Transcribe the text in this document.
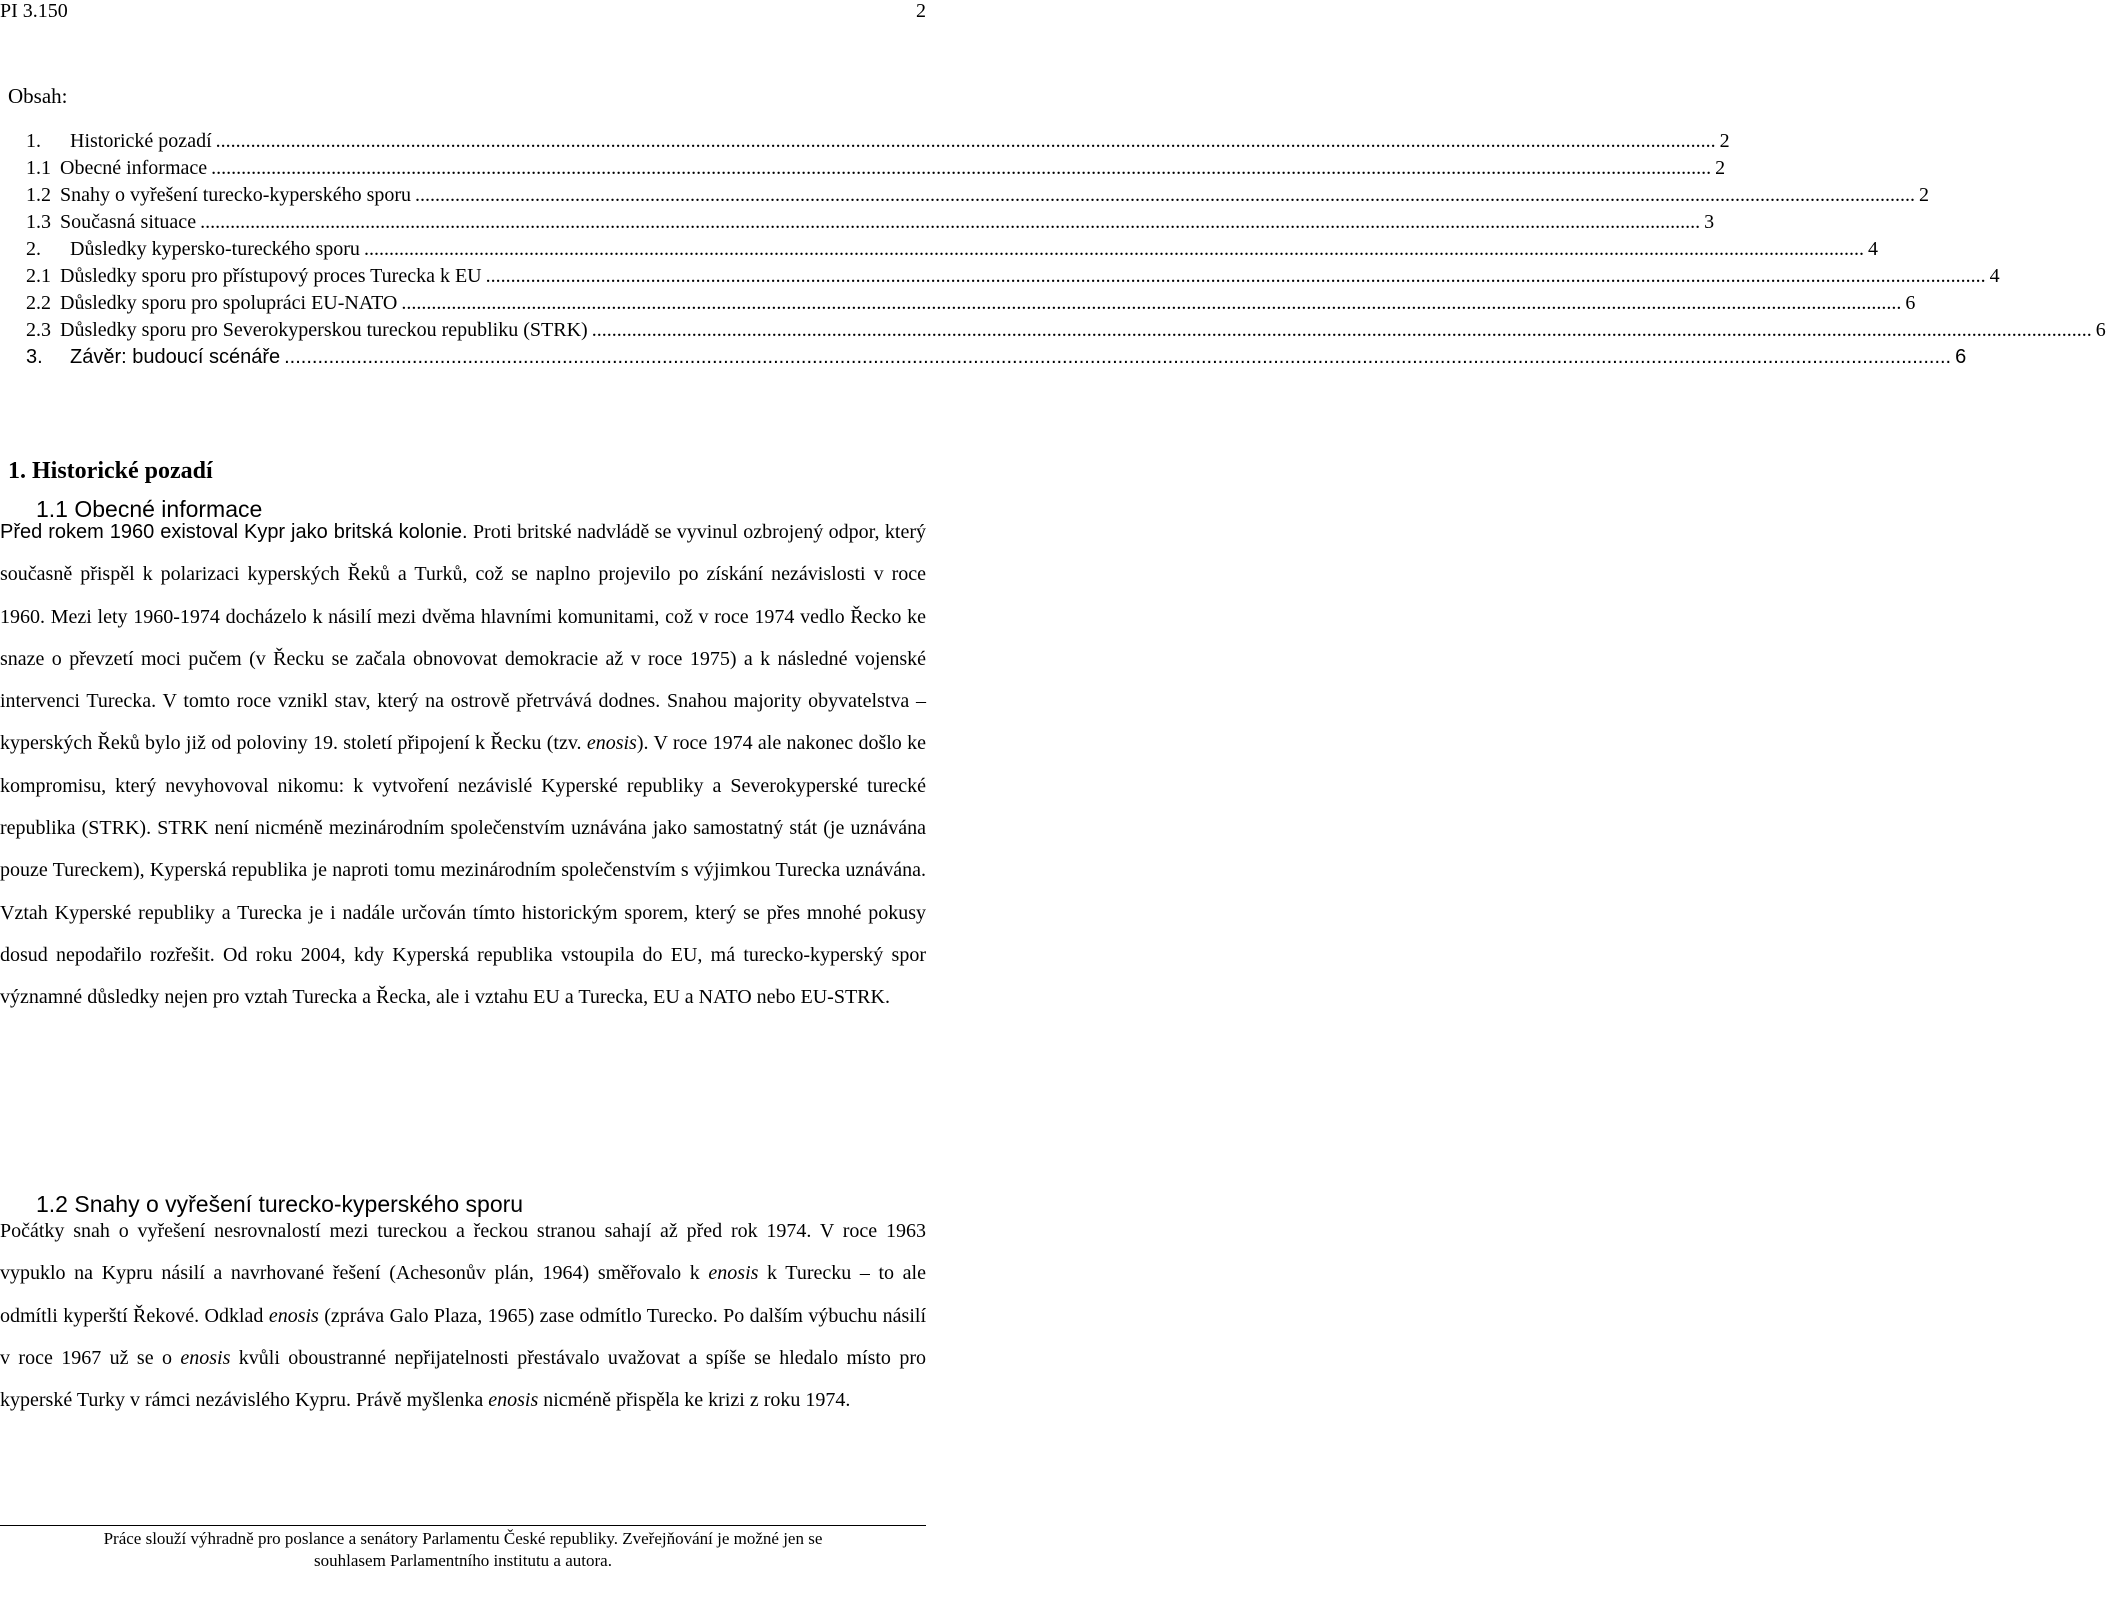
PI 3.150	2
Obsah:
1.	Historické pozadí ............................................................................................................................................................................................................................................................................................................ 2
1.1 Obecné informace ............................................................................................................................................................................................................................................................................................................ 2
1.2 Snahy o vyřešení turecko-kyperského sporu ............................................................................................................................................................................................................................................................................................................ 2
1.3 Současná situace ............................................................................................................................................................................................................................................................................................................ 3
2.	Důsledky kypersko-tureckého sporu ............................................................................................................................................................................................................................................................................................................ 4
2.1 Důsledky sporu pro přístupový proces Turecka k EU ............................................................................................................................................................................................................................................................................................................ 4
2.2 Důsledky sporu pro spolupráci EU-NATO ............................................................................................................................................................................................................................................................................................................ 6
2.3 Důsledky sporu pro Severokyperskou tureckou republiku (STRK) ............................................................................................................................................................................................................................................................................................................ 6
3.	Závěr: budoucí scénáře ............................................................................................................................................................................................................................................................................................................ 6
1. Historické pozadí
1.1 Obecné informace
Před rokem 1960 existoval Kypr jako britská kolonie. Proti britské nadvládě se vyvinul ozbrojený odpor, který současně přispěl k polarizaci kyperských Řeků a Turků, což se naplno projevilo po získání nezávislosti v roce 1960. Mezi lety 1960-1974 docházelo k násilí mezi dvěma hlavními komunitami, což v roce 1974 vedlo Řecko ke snaze o převzetí moci pučem (v Řecku se začala obnovovat demokracie až v roce 1975) a k následné vojenské intervenci Turecka. V tomto roce vznikl stav, který na ostrově přetrvává dodnes. Snahou majority obyvatelstva – kyperských Řeků bylo již od poloviny 19. století připojení k Řecku (tzv. enosis). V roce 1974 ale nakonec došlo ke kompromisu, který nevyhovoval nikomu: k vytvoření nezávislé Kyperské republiky a Severokyperské turecké republika (STRK). STRK není nicméně mezinárodním společenstvím uznávána jako samostatný stát (je uznávána pouze Tureckem), Kyperská republika je naproti tomu mezinárodním společenstvím s výjimkou Turecka uznávána. Vztah Kyperské republiky a Turecka je i nadále určován tímto historickým sporem, který se přes mnohé pokusy dosud nepodařilo rozřešit. Od roku 2004, kdy Kyperská republika vstoupila do EU, má turecko-kyperský spor významné důsledky nejen pro vztah Turecka a Řecka, ale i vztahu EU a Turecka, EU a NATO nebo EU-STRK.
1.2 Snahy o vyřešení turecko-kyperského sporu
Počátky snah o vyřešení nesrovnalostí mezi tureckou a řeckou stranou sahají až před rok 1974. V roce 1963 vypuklo na Kypru násilí a navrhované řešení (Achesonův plán, 1964) směřovalo k enosis k Turecku – to ale odmítli kyperští Řekové. Odklad enosis (zpráva Galo Plaza, 1965) zase odmítlo Turecko. Po dalším výbuchu násilí v roce 1967 už se o enosis kvůli oboustranné nepřijatelnosti přestávalo uvažovat a spíše se hledalo místo pro kyperské Turky v rámci nezávislého Kypru. Právě myšlenka enosis nicméně přispěla ke krizi z roku 1974.
Práce slouží výhradně pro poslance a senátory Parlamentu České republiky. Zveřejňování je možné jen se
souhlasem Parlamentního institutu a autora.
